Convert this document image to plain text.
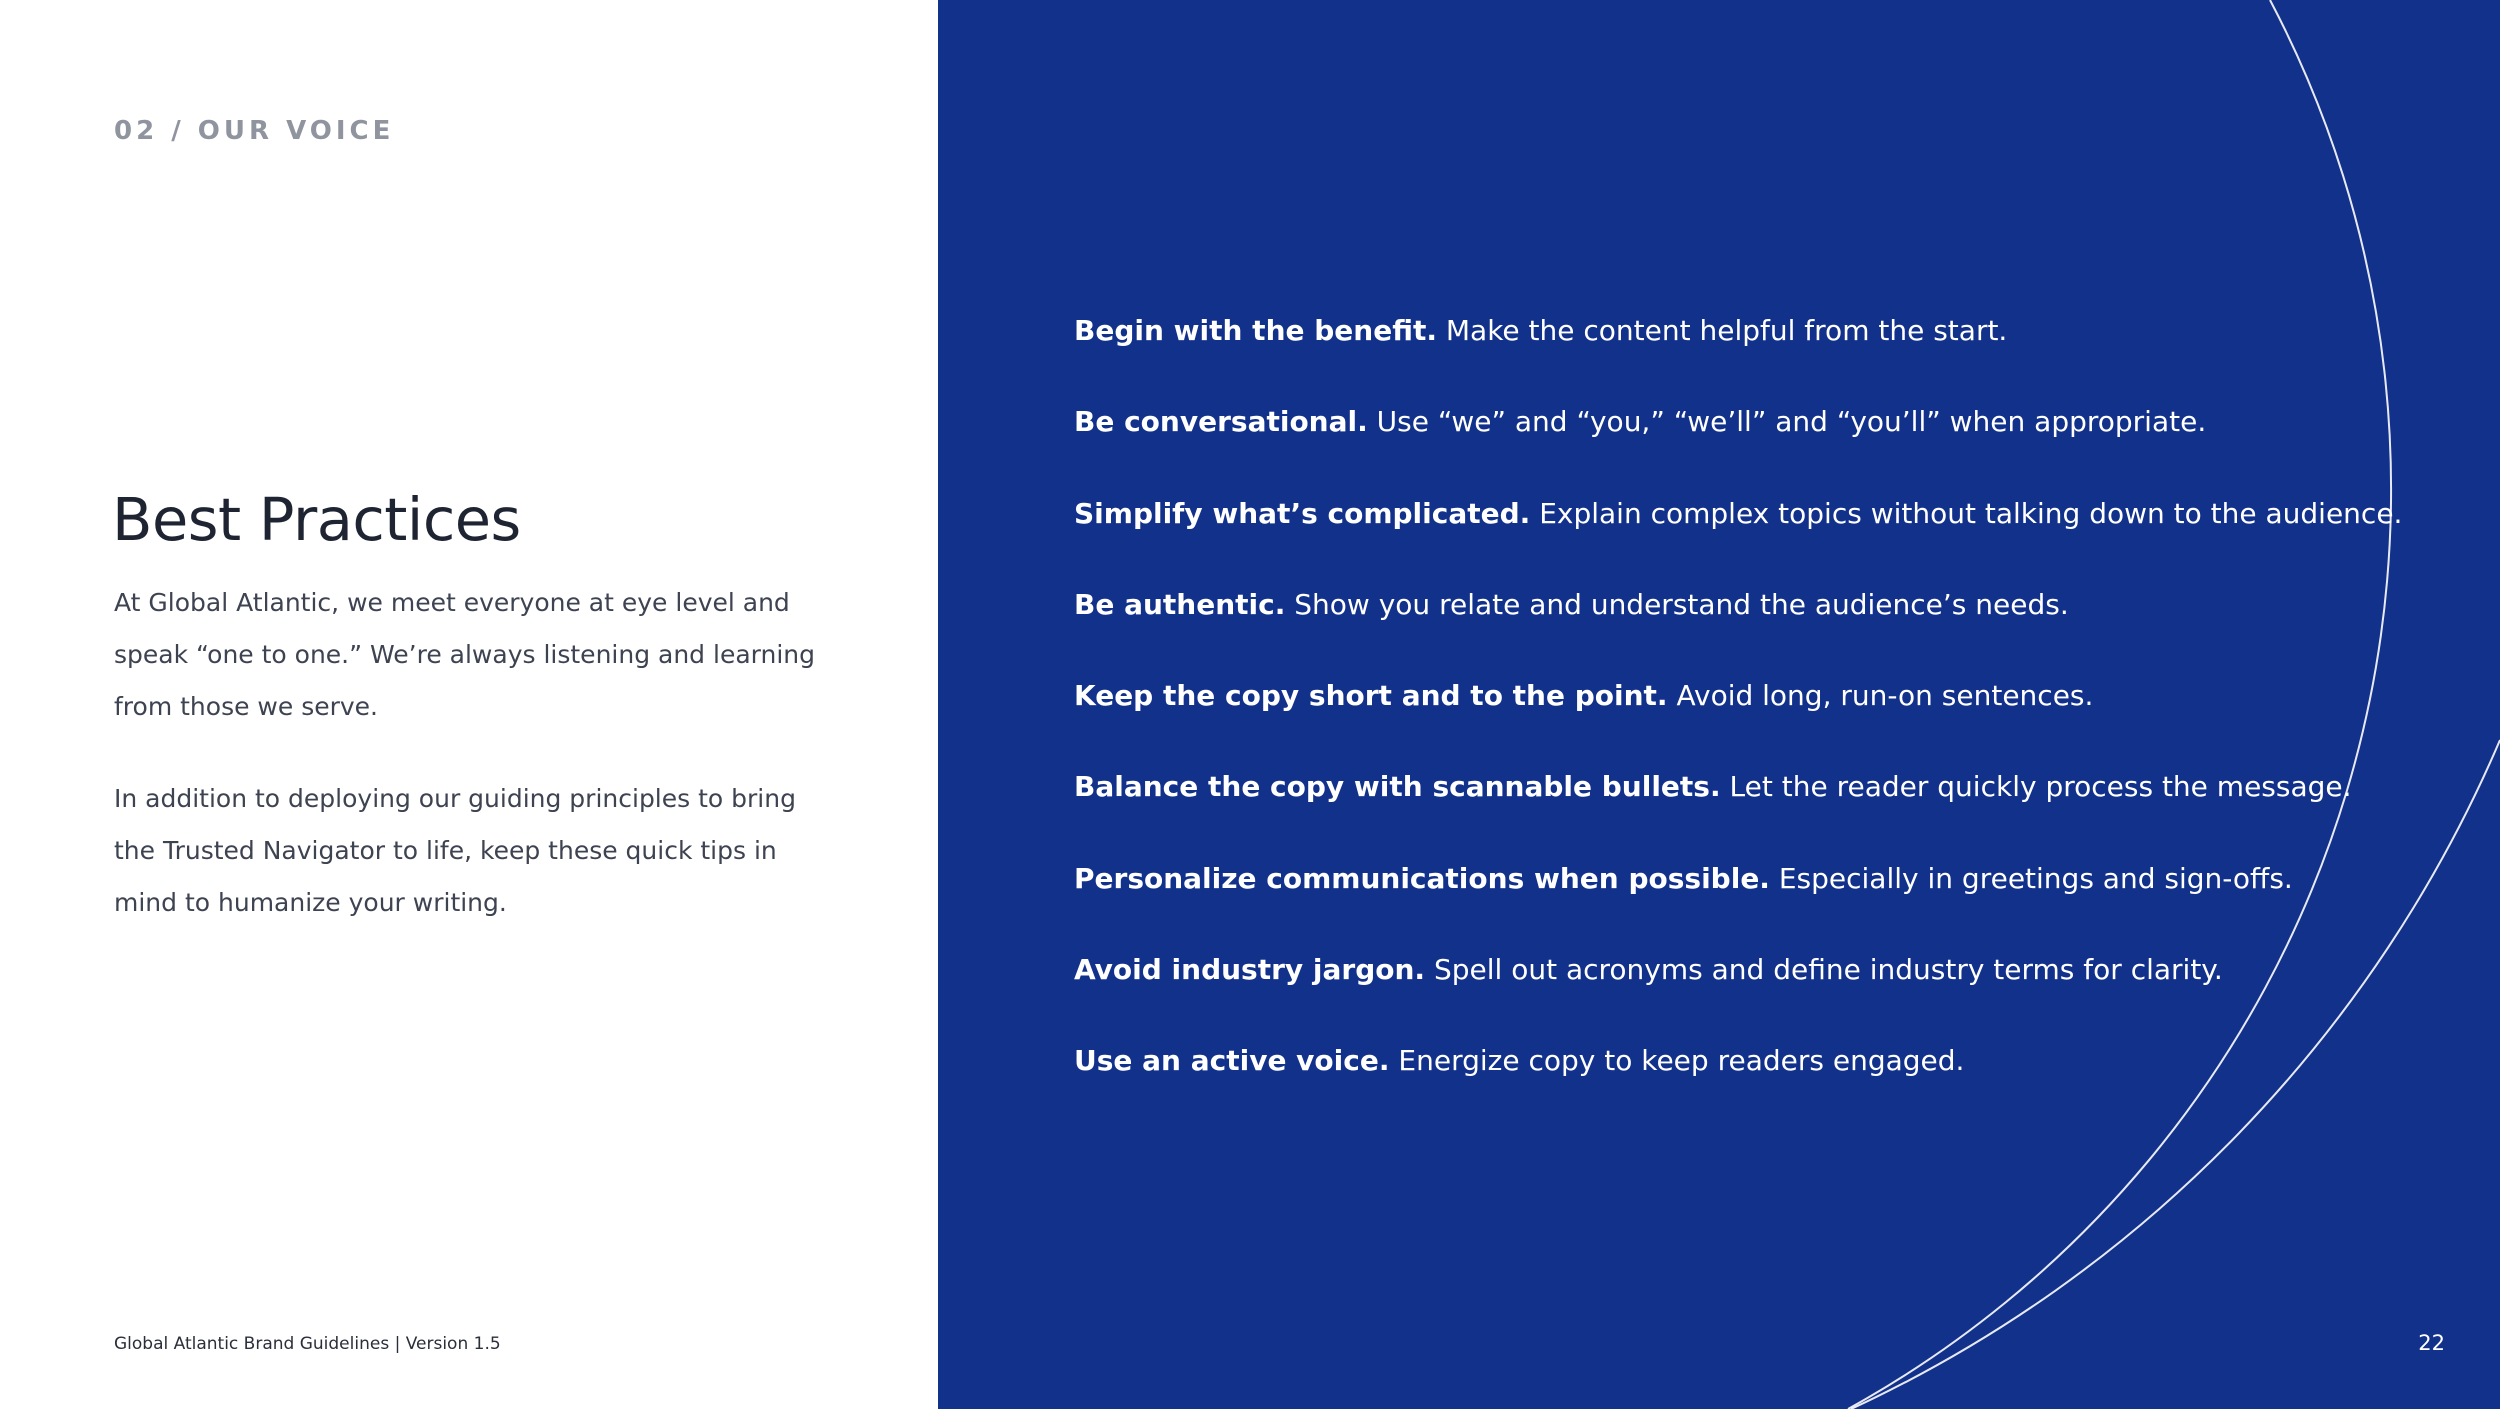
02 / OUR VOICE
Best Practices

At Global Atlantic, we meet everyone at eye level and speak “one to one.” We’re always listening and learning from those we serve.

In addition to deploying our guiding principles to bring the Trusted Navigator to life, keep these quick tips in mind to humanize your writing.

Global Atlantic Brand Guidelines | Version 1.5
Begin with the benefit. Make the content helpful from the start.
Be conversational. Use “we” and “you,” “we’ll” and “you’ll” when appropriate.
Simplify what’s complicated. Explain complex topics without talking down to the audience.
Be authentic. Show you relate and understand the audience’s needs.
Keep the copy short and to the point. Avoid long, run-on sentences.
Balance the copy with scannable bullets. Let the reader quickly process the message.
Personalize communications when possible. Especially in greetings and sign-offs.
Avoid industry jargon. Spell out acronyms and define industry terms for clarity.
Use an active voice. Energize copy to keep readers engaged.
22
